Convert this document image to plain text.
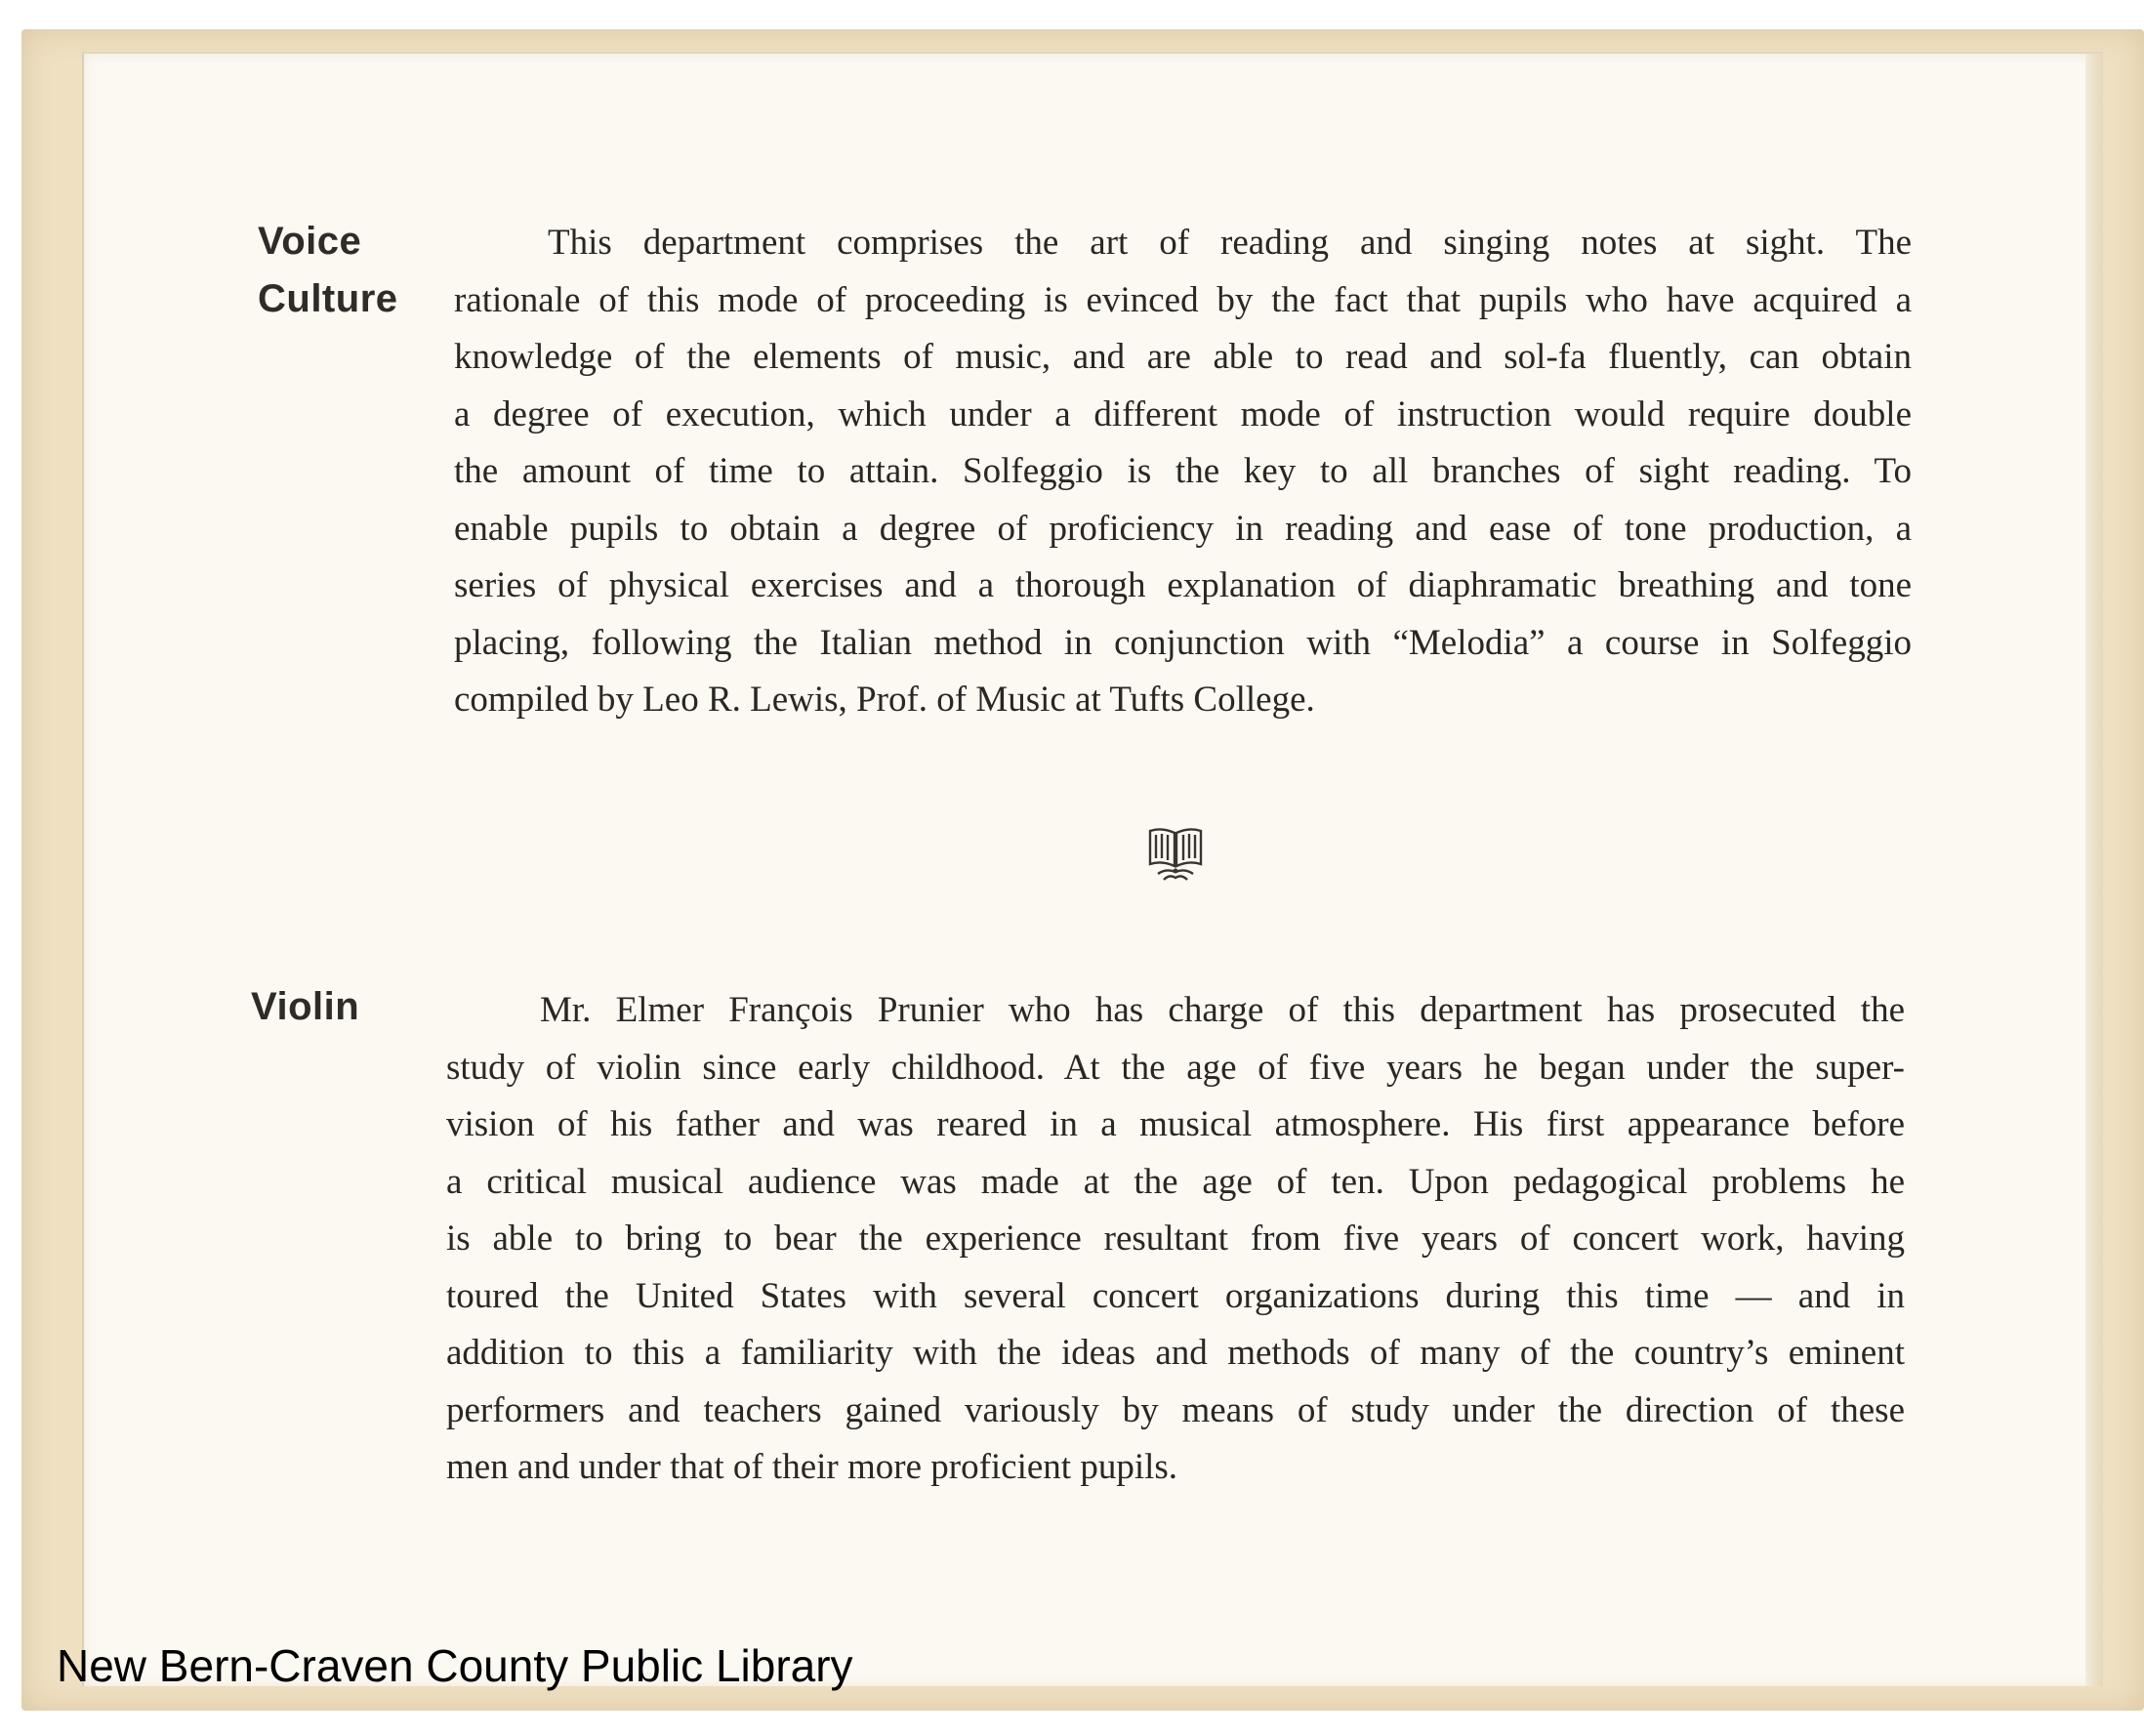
Voice
Culture
This department comprises the art of reading and singing notes at sight. The
rationale of this mode of proceeding is evinced by the fact that pupils who have acquired a
knowledge of the elements of music, and are able to read and sol-fa fluently, can obtain
a degree of execution, which under a different mode of instruction would require double
the amount of time to attain. Solfeggio is the key to all branches of sight reading. To
enable pupils to obtain a degree of proficiency in reading and ease of tone production, a
series of physical exercises and a thorough explanation of diaphramatic breathing and tone
placing, following the Italian method in conjunction with “Melodia” a course in Solfeggio
compiled by Leo R. Lewis, Prof. of Music at Tufts College.
Violin	Mr. Elmer François Prunier who has charge of this department has prosecuted the
study of violin since early childhood. At the age of five years he began under the super-
vision of his father and was reared in a musical atmosphere. His first appearance before
a critical musical audience was made at the age of ten. Upon pedagogical problems he
is able to bring to bear the experience resultant from five years of concert work, having
toured the United States with several concert organizations during this time — and in
addition to this a familiarity with the ideas and methods of many of the country’s eminent
performers and teachers gained variously by means of study under the direction of these
men and under that of their more proficient pupils.
New Bern-Craven County Public Library
